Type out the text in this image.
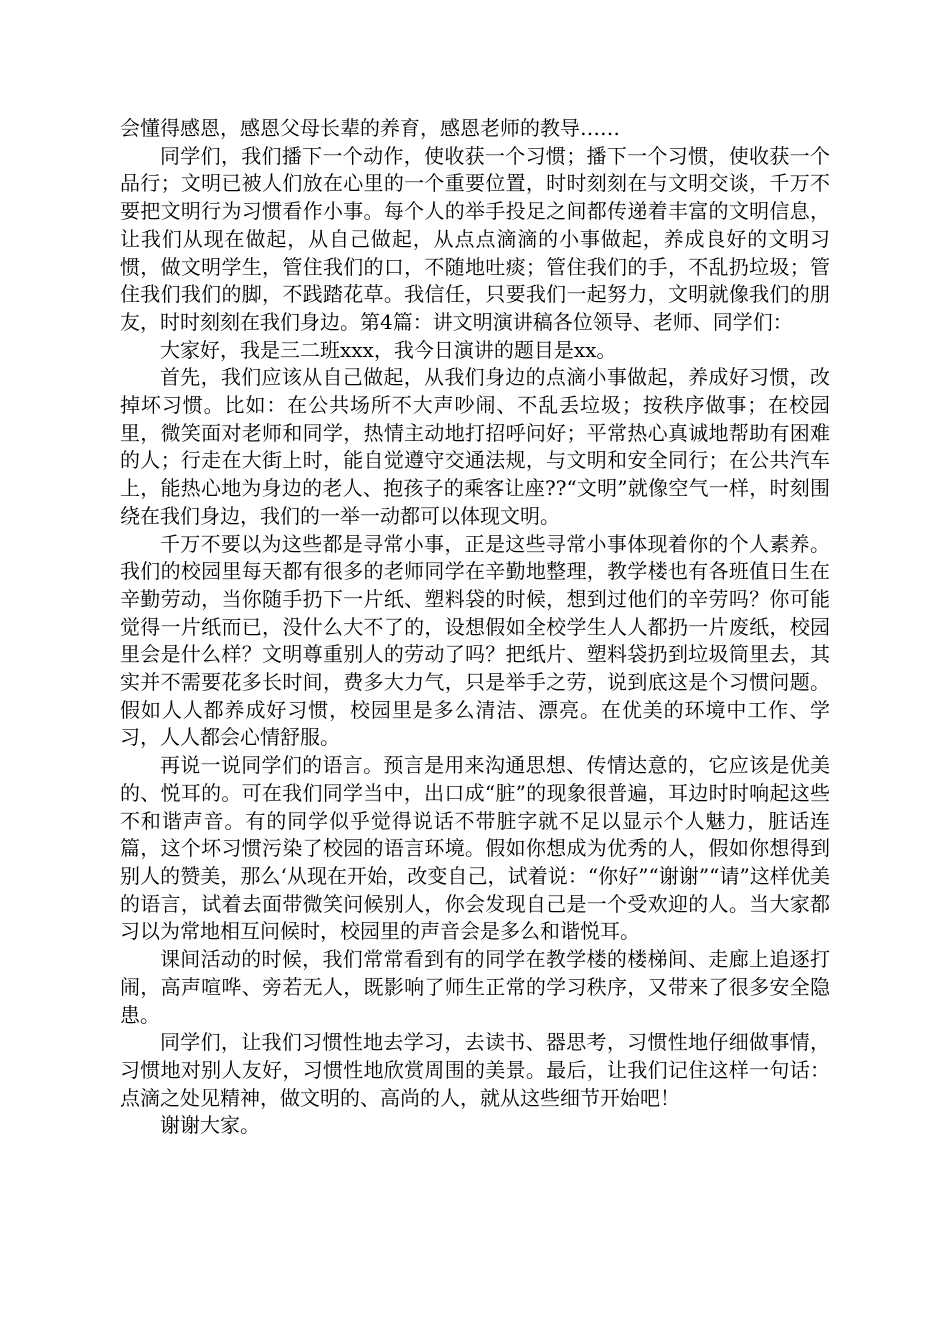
会懂得感恩，感恩父母长辈的养育，感恩老师的教导……

同学们，我们播下一个动作，使收获一个习惯；播下一个习惯，使收获一个品行；文明已被人们放在心里的一个重要位置，时时刻刻在与文明交谈，千万不要把文明行为习惯看作小事。每个人的举手投足之间都传递着丰富的文明信息，让我们从现在做起，从自己做起，从点点滴滴的小事做起，养成良好的文明习惯，做文明学生，管住我们的口，不随地吐痰；管住我们的手，不乱扔垃圾；管住我们我们的脚，不践踏花草。我信任，只要我们一起努力，文明就像我们的朋友，时时刻刻在我们身边。第4篇：讲文明演讲稿各位领导、老师、同学们：

大家好，我是三二班xxx，我今日演讲的题目是xx。

首先，我们应该从自己做起，从我们身边的点滴小事做起，养成好习惯，改掉坏习惯。比如：在公共场所不大声吵闹、不乱丢垃圾；按秩序做事；在校园里，微笑面对老师和同学，热情主动地打招呼问好；平常热心真诚地帮助有困难的人；行走在大街上时，能自觉遵守交通法规，与文明和安全同行；在公共汽车上，能热心地为身边的老人、抱孩子的乘客让座??“文明”就像空气一样，时刻围绕在我们身边，我们的一举一动都可以体现文明。

千万不要以为这些都是寻常小事，正是这些寻常小事体现着你的个人素养。我们的校园里每天都有很多的老师同学在辛勤地整理，教学楼也有各班值日生在辛勤劳动，当你随手扔下一片纸、塑料袋的时候，想到过他们的辛劳吗？你可能觉得一片纸而已，没什么大不了的，设想假如全校学生人人都扔一片废纸，校园里会是什么样？文明尊重别人的劳动了吗？把纸片、塑料袋扔到垃圾筒里去，其实并不需要花多长时间，费多大力气，只是举手之劳，说到底这是个习惯问题。假如人人都养成好习惯，校园里是多么清洁、漂亮。在优美的环境中工作、学习，人人都会心情舒服。

再说一说同学们的语言。预言是用来沟通思想、传情达意的，它应该是优美的、悦耳的。可在我们同学当中，出口成“脏”的现象很普遍，耳边时时响起这些不和谐声音。有的同学似乎觉得说话不带脏字就不足以显示个人魅力，脏话连篇，这个坏习惯污染了校园的语言环境。假如你想成为优秀的人，假如你想得到别人的赞美，那么‘从现在开始，改变自己，试着说：“你好”“谢谢”“请”这样优美的语言，试着去面带微笑问候别人，你会发现自己是一个受欢迎的人。当大家都习以为常地相互问候时，校园里的声音会是多么和谐悦耳。

课间活动的时候，我们常常看到有的同学在教学楼的楼梯间、走廊上追逐打闹，高声喧哗、旁若无人，既影响了师生正常的学习秩序，又带来了很多安全隐患。

同学们，让我们习惯性地去学习，去读书、器思考，习惯性地仔细做事情，习惯地对别人友好，习惯性地欣赏周围的美景。最后，让我们记住这样一句话：点滴之处见精神，做文明的、高尚的人，就从这些细节开始吧！

谢谢大家。
